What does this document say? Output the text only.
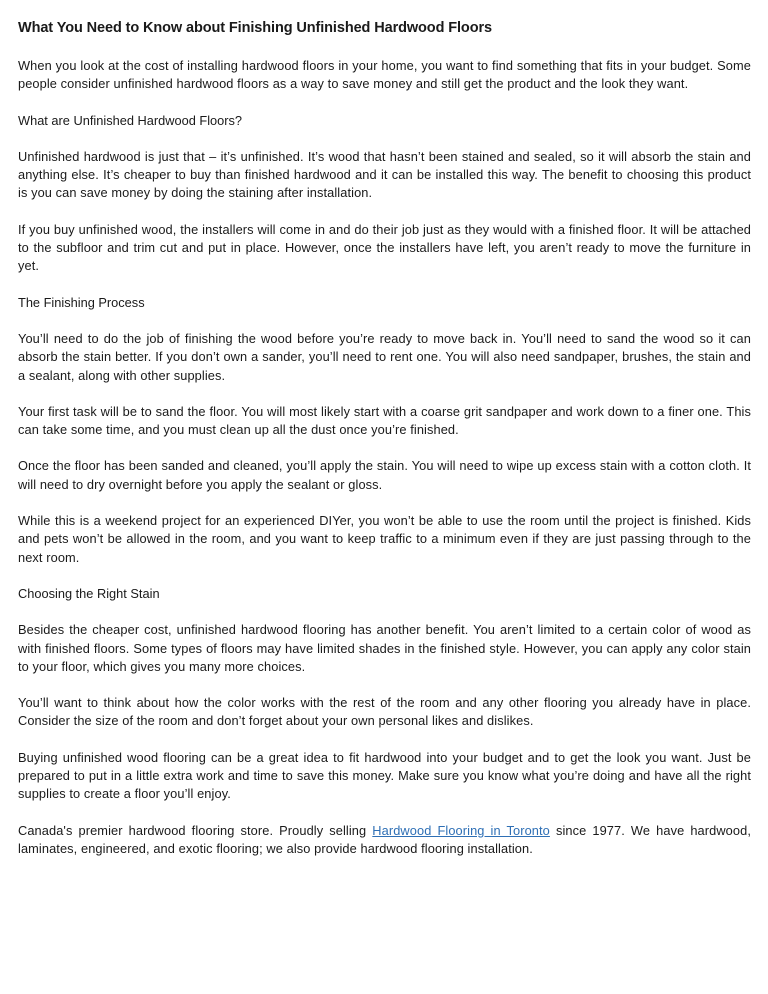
What You Need to Know about Finishing Unfinished Hardwood Floors

When you look at the cost of installing hardwood floors in your home, you want to find something that fits in your budget. Some people consider unfinished hardwood floors as a way to save money and still get the product and the look they want.

What are Unfinished Hardwood Floors?

Unfinished hardwood is just that – it’s unfinished. It’s wood that hasn’t been stained and sealed, so it will absorb the stain and anything else. It’s cheaper to buy than finished hardwood and it can be installed this way. The benefit to choosing this product is you can save money by doing the staining after installation.

If you buy unfinished wood, the installers will come in and do their job just as they would with a finished floor. It will be attached to the subfloor and trim cut and put in place. However, once the installers have left, you aren’t ready to move the furniture in yet.

The Finishing Process

You’ll need to do the job of finishing the wood before you’re ready to move back in. You’ll need to sand the wood so it can absorb the stain better. If you don’t own a sander, you’ll need to rent one. You will also need sandpaper, brushes, the stain and a sealant, along with other supplies.

Your first task will be to sand the floor. You will most likely start with a coarse grit sandpaper and work down to a finer one. This can take some time, and you must clean up all the dust once you’re finished.

Once the floor has been sanded and cleaned, you’ll apply the stain. You will need to wipe up excess stain with a cotton cloth. It will need to dry overnight before you apply the sealant or gloss.

While this is a weekend project for an experienced DIYer, you won’t be able to use the room until the project is finished. Kids and pets won’t be allowed in the room, and you want to keep traffic to a minimum even if they are just passing through to the next room.

Choosing the Right Stain

Besides the cheaper cost, unfinished hardwood flooring has another benefit. You aren’t limited to a certain color of wood as with finished floors. Some types of floors may have limited shades in the finished style. However, you can apply any color stain to your floor, which gives you many more choices.

You’ll want to think about how the color works with the rest of the room and any other flooring you already have in place. Consider the size of the room and don’t forget about your own personal likes and dislikes.

Buying unfinished wood flooring can be a great idea to fit hardwood into your budget and to get the look you want. Just be prepared to put in a little extra work and time to save this money. Make sure you know what you’re doing and have all the right supplies to create a floor you’ll enjoy.

Canada's premier hardwood flooring store. Proudly selling Hardwood Flooring in Toronto since 1977. We have hardwood, laminates, engineered, and exotic flooring; we also provide hardwood flooring installation.
